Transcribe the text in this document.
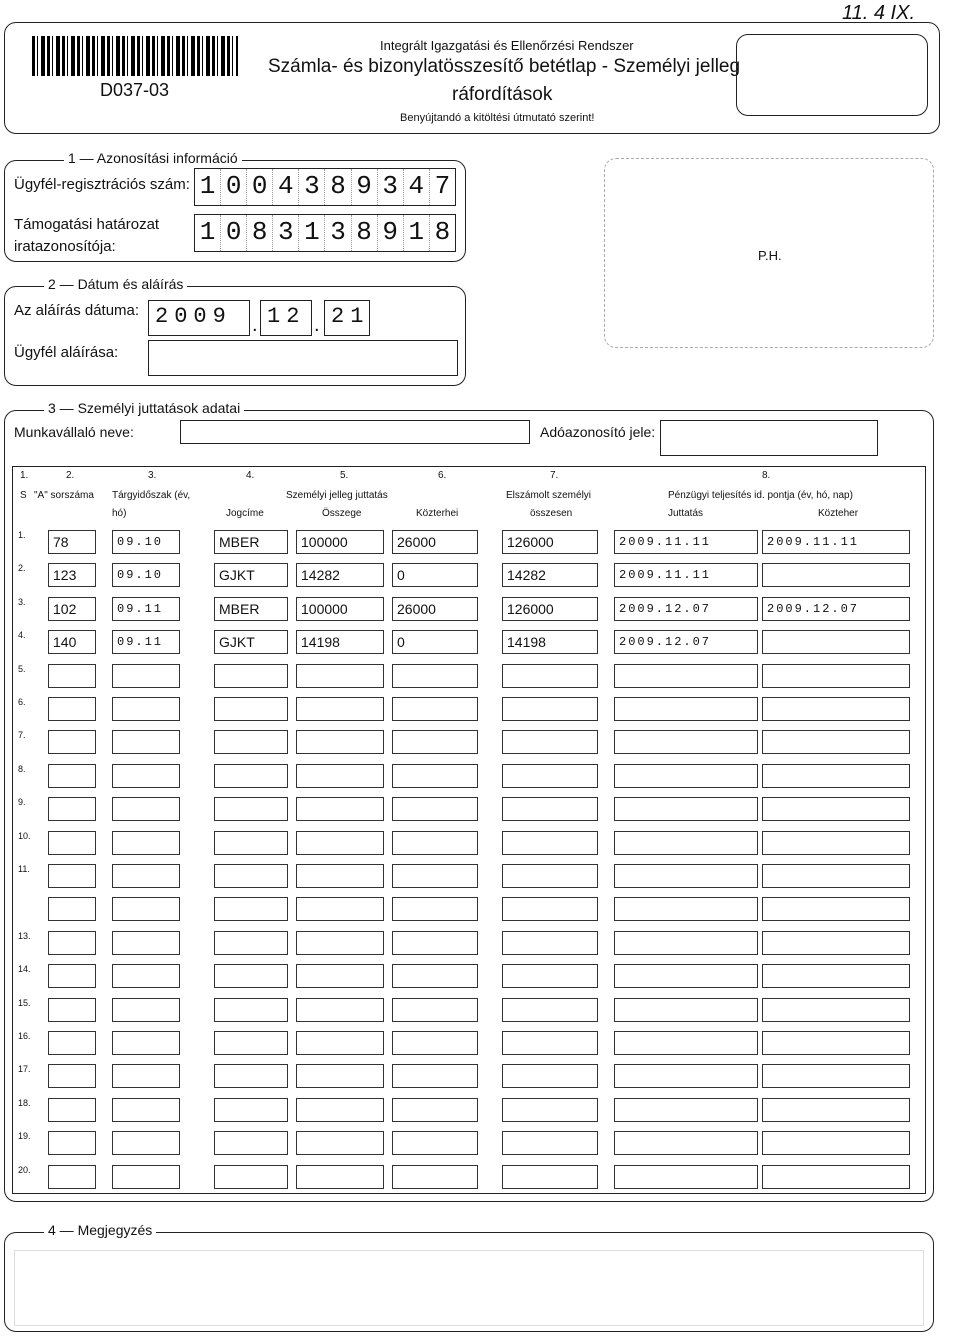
11. 4 IX.
D037-03
Integrált Igazgatási és Ellenőrzési Rendszer
Számla- és bizonylatösszesítő betétlap - Személyi jelleg
ráfordítások
Benyújtandó a kitöltési útmutató szerint!
1 — Azonosítási információ
Ügyfél-regisztrációs szám: 1 0 0 4 3 8 9 3 4 7
Támogatási határozat
iratazonosítója:	1 0 8 3 1 3 8 9 1 8
P.H.
2 — Dátum és aláírás
Az aláírás dátuma: 2009	. 12 . 21
Ügyfél aláírása:
3 — Személyi juttatások adatai
Munkavállaló neve:	Adóazonosító jele:
1.	2.	3.	4.	5.	6.	7.	8.
S "A" sorszáma Tárgyidőszak (év,
hó)
Személyi jelleg juttatás
Jogcíme	Összege	Közterhei
Elszámolt személyi
összesen
Pénzügyi teljesítés id. pontja (év, hó, nap)
Juttatás	Közteher
1.	78	09.10	MBER	100000	26000	126000	2009.11.11	2009.11.11
2.	123	09.10	GJKT	14282	0	14282	2009.11.11
3.	102	09.11	MBER	100000	26000	126000	2009.12.07	2009.12.07
4.	140	09.11	GJKT	14198	0	14198	2009.12.07
5.
6.
7.
8.
9.
10.
11.
13.
14.
15.
16.
17.
18.
19.
20.
4 — Megjegyzés
